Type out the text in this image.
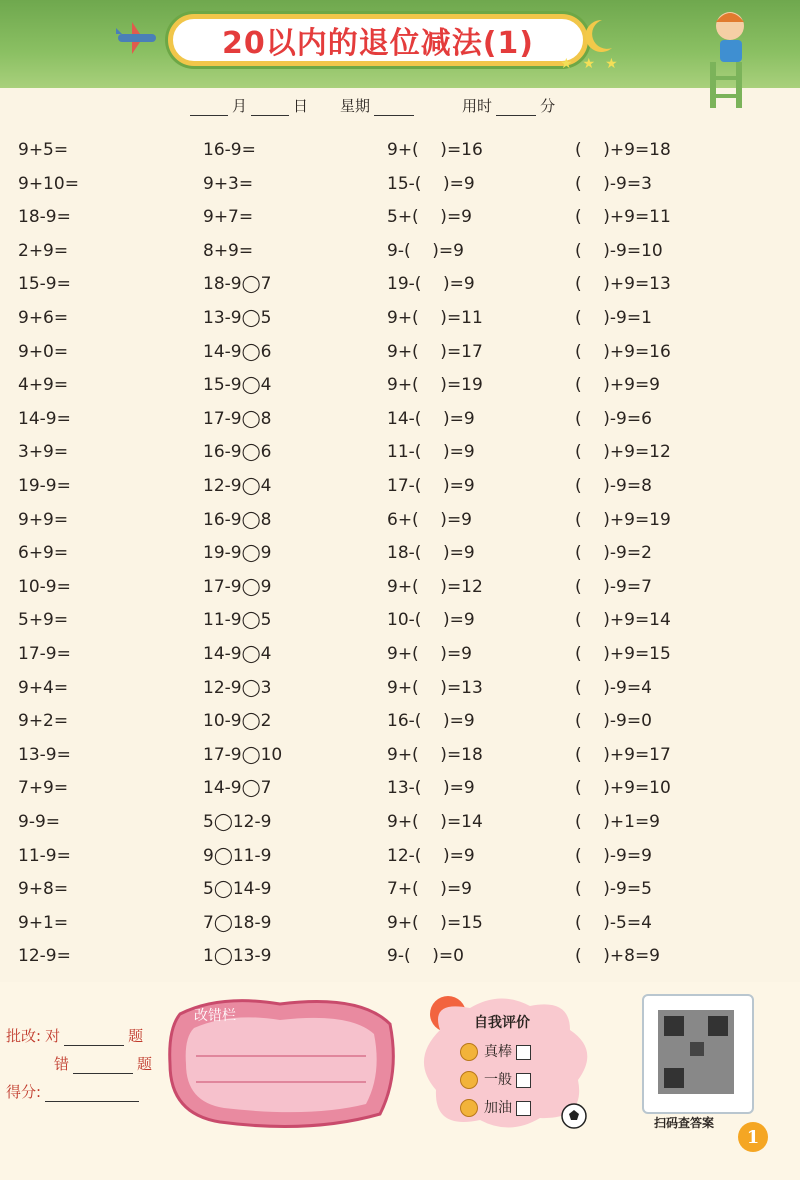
20以内的退位减法(1)
★★★
月	日 星期	用时	分
9+5=	16-9=	9+(    )=16	(    )+9=18
9+10=	9+3=	15-(    )=9	(    )-9=3
18-9=	9+7=	5+(    )=9	(    )+9=11
2+9=	8+9=	9-(    )=9	(    )-9=10
15-9=	18-9◯7	19-(    )=9	(    )+9=13
9+6=	13-9◯5	9+(    )=11	(    )-9=1
9+0=	14-9◯6	9+(    )=17	(    )+9=16
4+9=	15-9◯4	9+(    )=19	(    )+9=9
14-9=	17-9◯8	14-(    )=9	(    )-9=6
3+9=	16-9◯6	11-(    )=9	(    )+9=12
19-9=	12-9◯4	17-(    )=9	(    )-9=8
9+9=	16-9◯8	6+(    )=9	(    )+9=19
6+9=	19-9◯9	18-(    )=9	(    )-9=2
10-9=	17-9◯9	9+(    )=12	(    )-9=7
5+9=	11-9◯5	10-(    )=9	(    )+9=14
17-9=	14-9◯4	9+(    )=9	(    )+9=15
9+4=	12-9◯3	9+(    )=13	(    )-9=4
9+2=	10-9◯2	16-(    )=9	(    )-9=0
13-9=	17-9◯10	9+(    )=18	(    )+9=17
7+9=	14-9◯7	13-(    )=9	(    )+9=10
9-9=	5◯12-9	9+(    )=14	(    )+1=9
11-9=	9◯11-9	12-(    )=9	(    )-9=9
9+8=	5◯14-9	7+(    )=9	(    )-9=5
9+1=	7◯18-9	9+(    )=15	(    )-5=4
12-9=	1◯13-9	9-(    )=0	(    )+8=9
批改: 对	题
错	题
得分:
改错栏	自我评价
真棒
一般
加油
扫码查答案
1
